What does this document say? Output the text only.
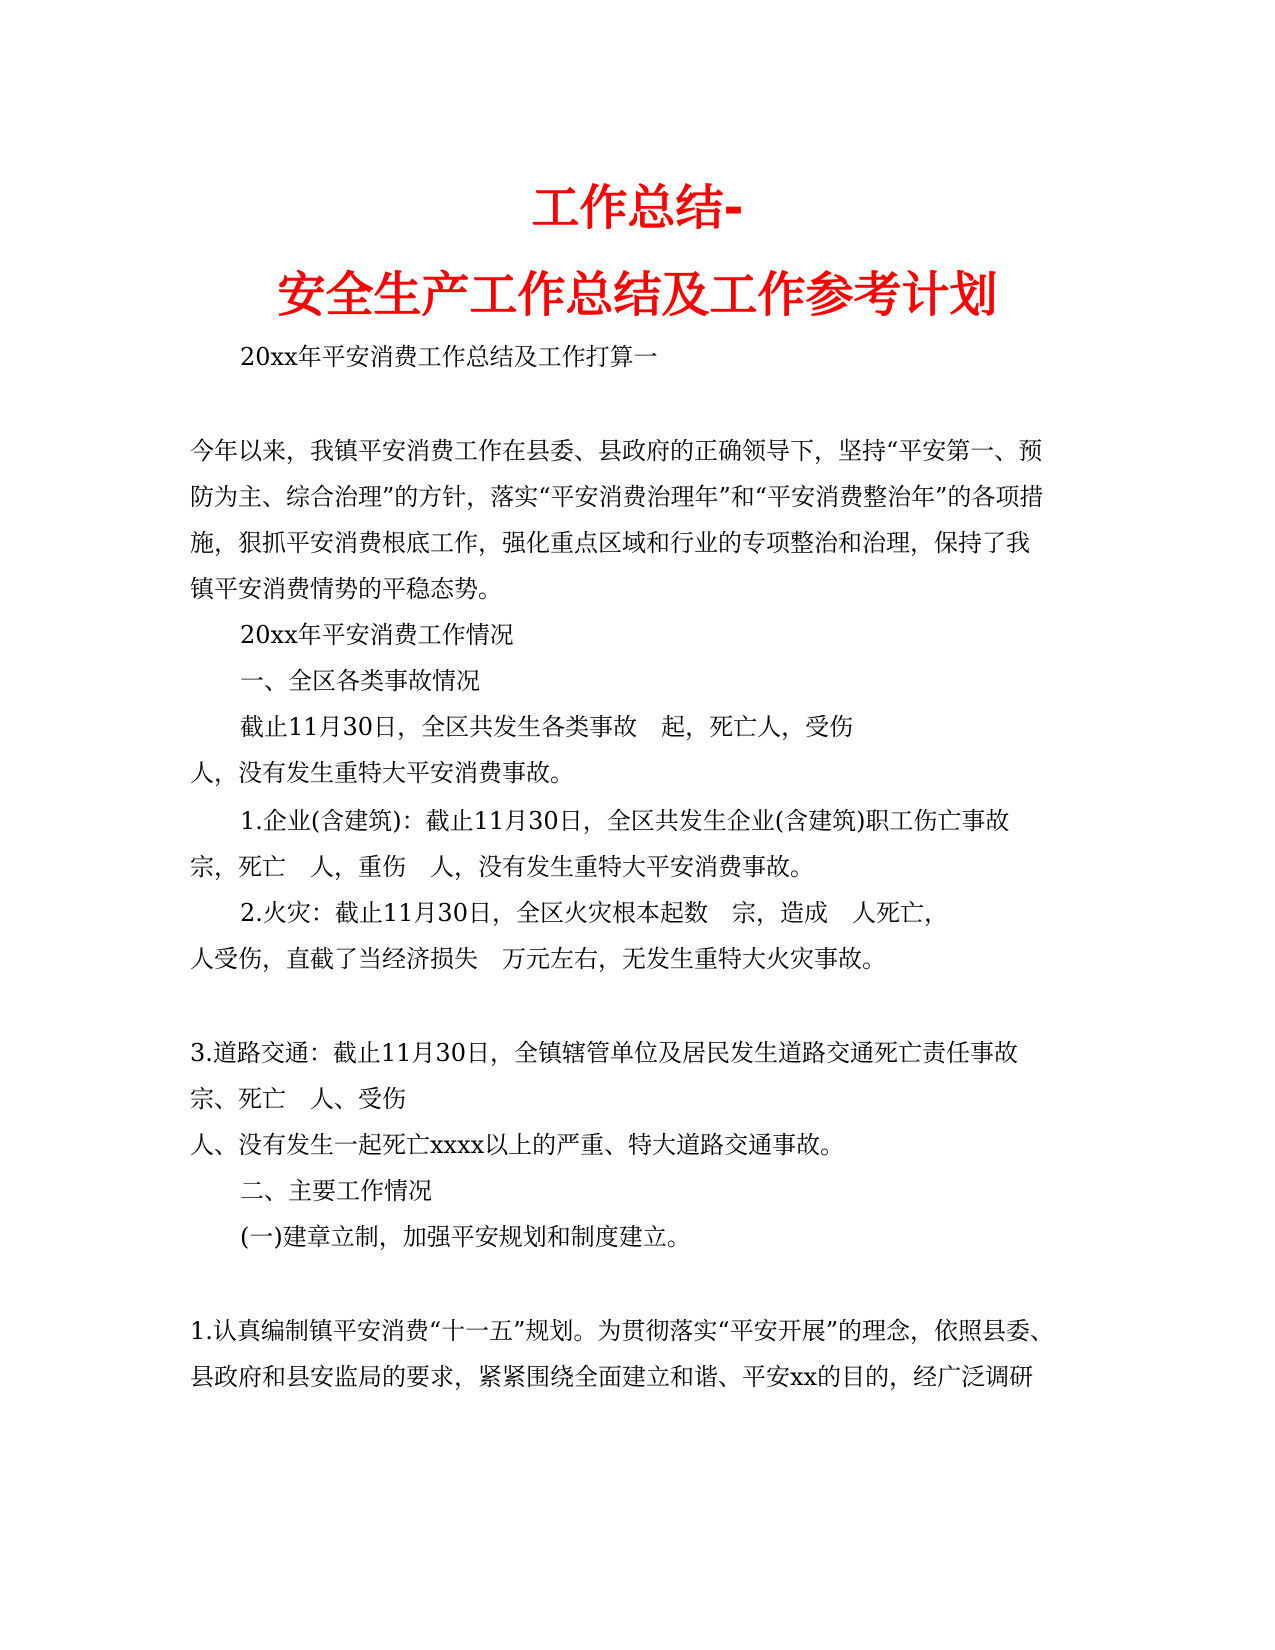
工作总结-
安全生产工作总结及工作参考计划
20xx年平安消费工作总结及工作打算一
今年以来，我镇平安消费工作在县委、县政府的正确领导下，坚持“平安第一、预
防为主、综合治理”的方针，落实“平安消费治理年”和“平安消费整治年”的各项措
施，狠抓平安消费根底工作，强化重点区域和行业的专项整治和治理，保持了我
镇平安消费情势的平稳态势。
20xx年平安消费工作情况
一、全区各类事故情况
截止11月30日，全区共发生各类事故　起，死亡人，受伤
人，没有发生重特大平安消费事故。
1.企业(含建筑)：截止11月30日，全区共发生企业(含建筑)职工伤亡事故
宗，死亡　人，重伤　人，没有发生重特大平安消费事故。
2.火灾：截止11月30日，全区火灾根本起数　宗，造成　人死亡，
人受伤，直截了当经济损失　万元左右，无发生重特大火灾事故。
3.道路交通：截止11月30日，全镇辖管单位及居民发生道路交通死亡责任事故
宗、死亡　人、受伤
人、没有发生一起死亡xxxx以上的严重、特大道路交通事故。
二、主要工作情况
(一)建章立制，加强平安规划和制度建立。
1.认真编制镇平安消费“十一五”规划。为贯彻落实“平安开展”的理念，依照县委、
县政府和县安监局的要求，紧紧围绕全面建立和谐、平安xx的目的，经广泛调研
